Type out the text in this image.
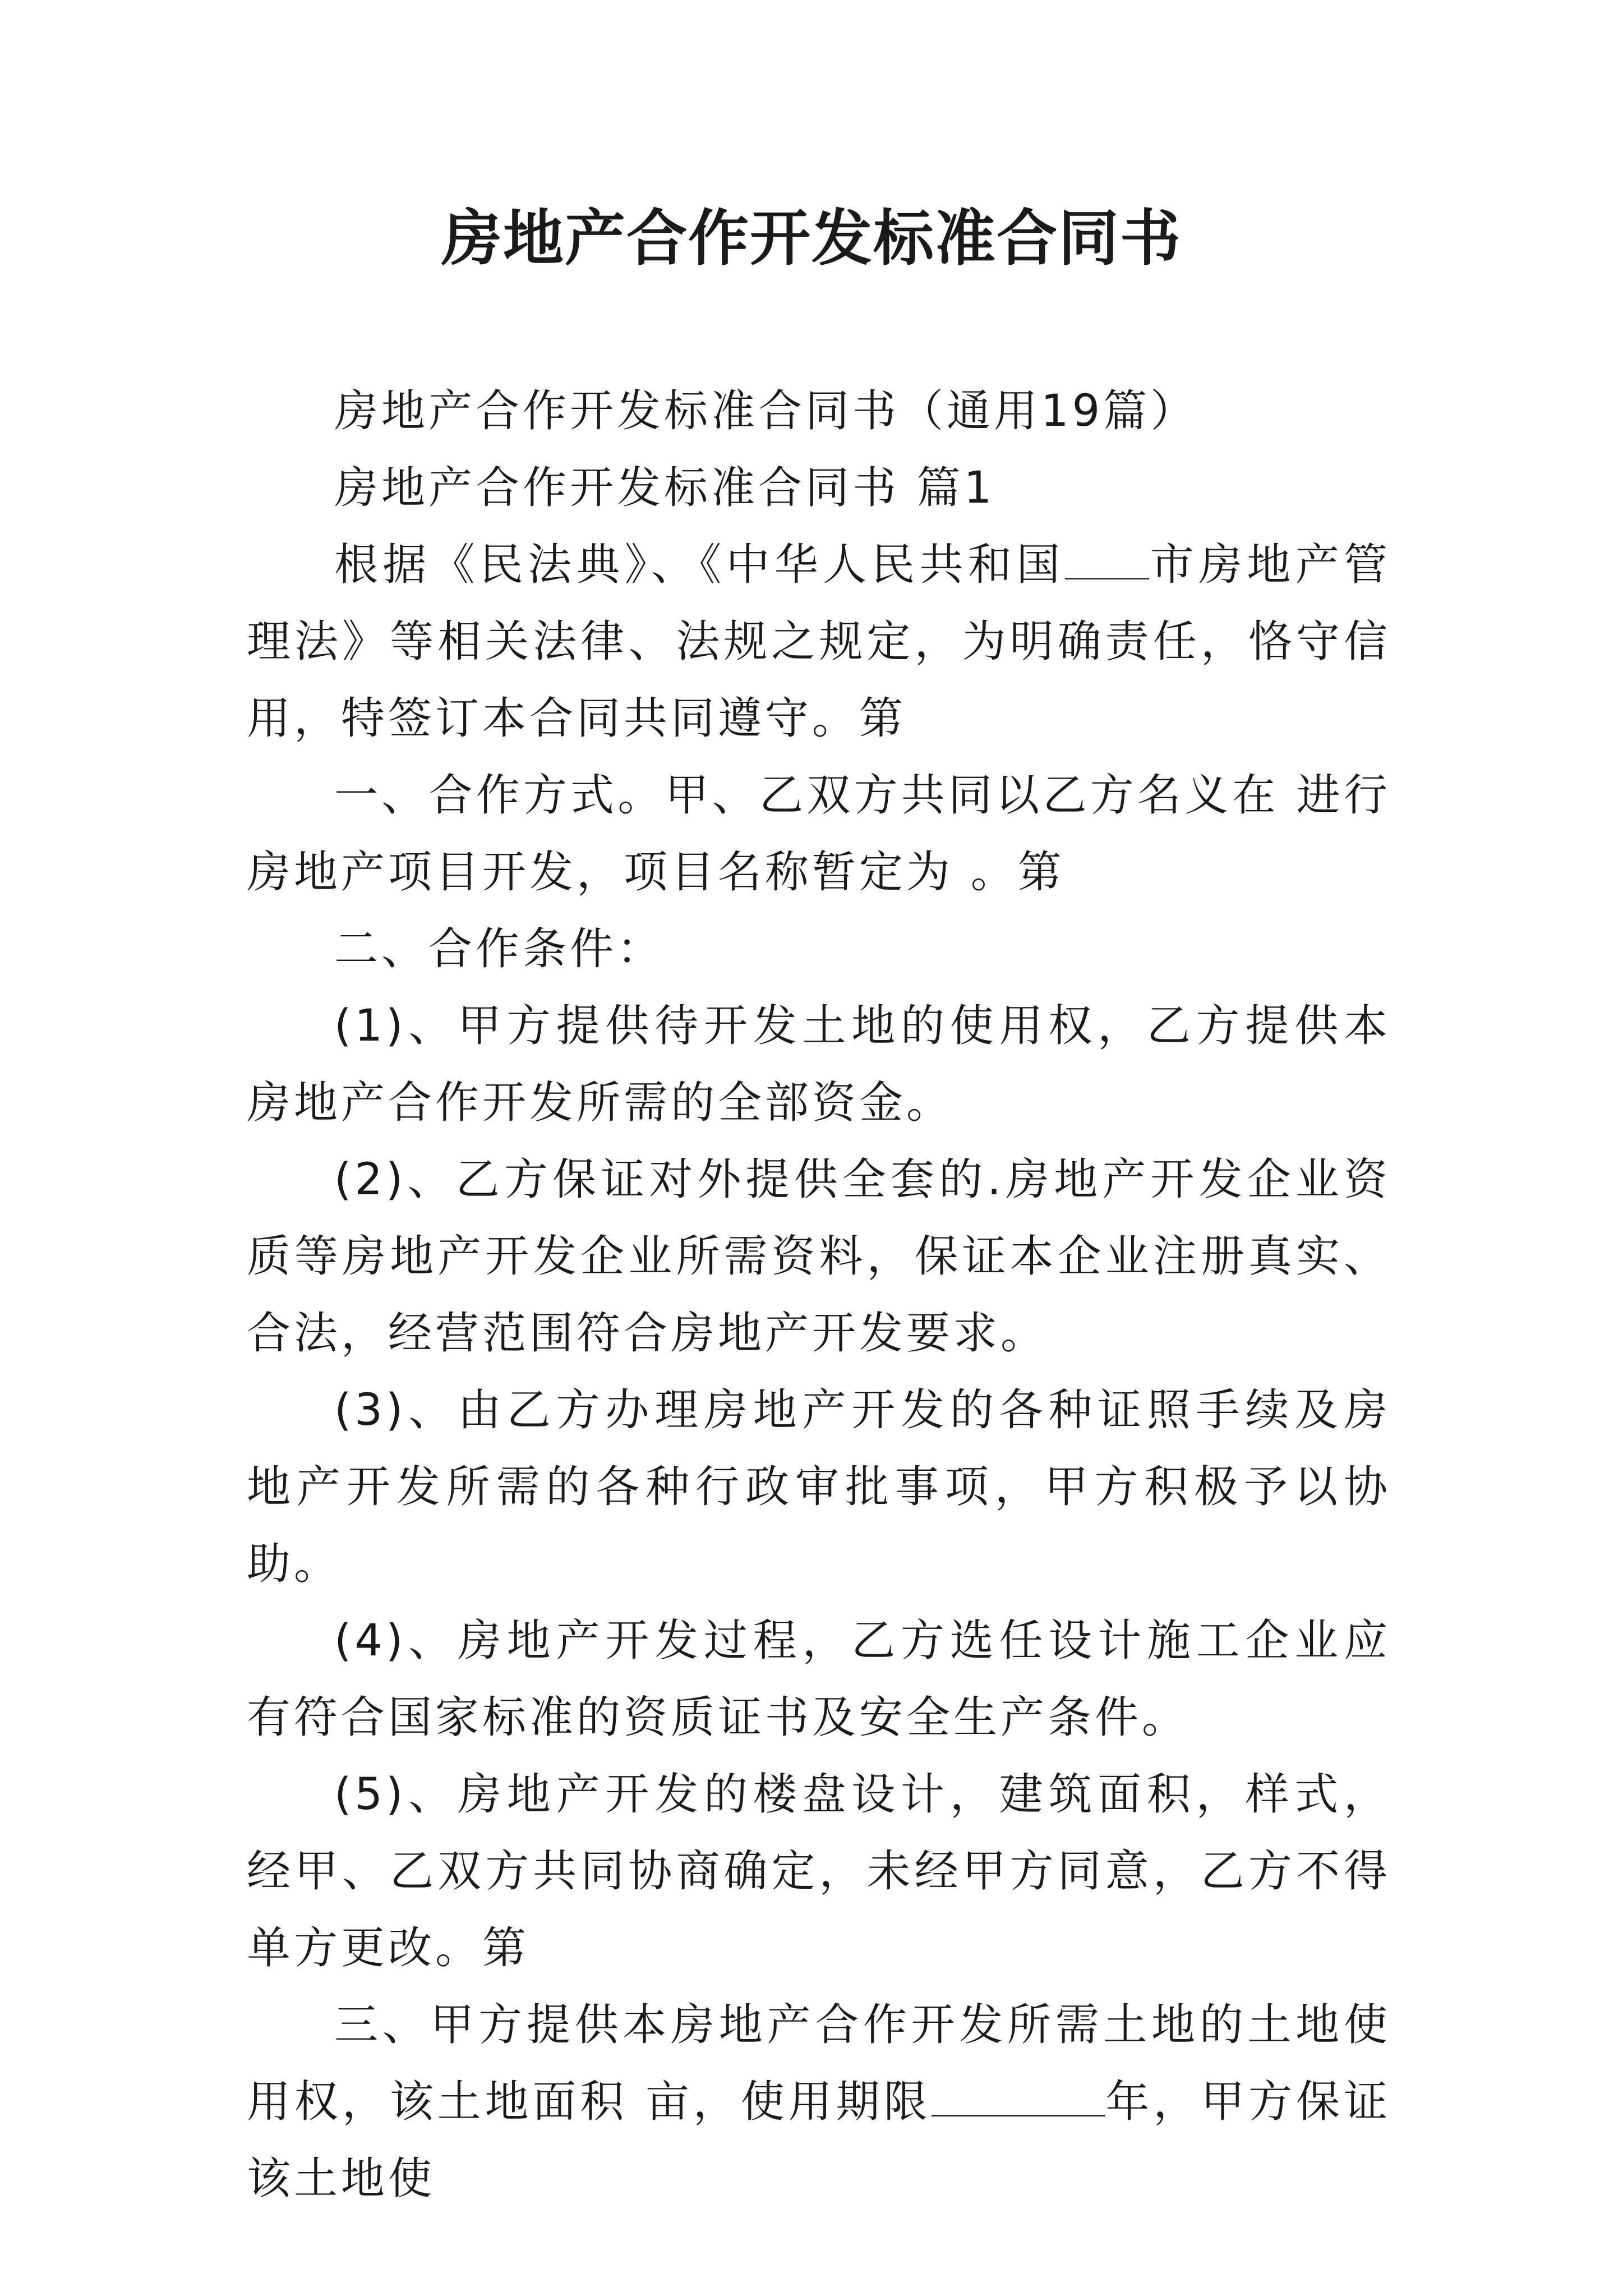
房地产合作开发标准合同书

房地产合作开发标准合同书（通用19篇）

房地产合作开发标准合同书 篇1

根据《民法典》、《中华人民共和国 市房地产管理法》等相关法律、法规之规定，为明确责任，恪守信用，特签订本合同共同遵守。第

一、合作方式。甲、乙双方共同以乙方名义在 进行房地产项目开发，项目名称暂定为 。第

二、合作条件：

(1)、甲方提供待开发土地的使用权，乙方提供本房地产合作开发所需的全部资金。

(2)、乙方保证对外提供全套的.房地产开发企业资质等房地产开发企业所需资料，保证本企业注册真实、合法，经营范围符合房地产开发要求。

(3)、由乙方办理房地产开发的各种证照手续及房地产开发所需的各种行政审批事项，甲方积极予以协助。

(4)、房地产开发过程，乙方选任设计施工企业应有符合国家标准的资质证书及安全生产条件。

(5)、房地产开发的楼盘设计，建筑面积，样式，经甲、乙双方共同协商确定，未经甲方同意，乙方不得单方更改。第

三、甲方提供本房地产合作开发所需土地的土地使用权，该土地面积 亩，使用期限	年，甲方保证该土地使
